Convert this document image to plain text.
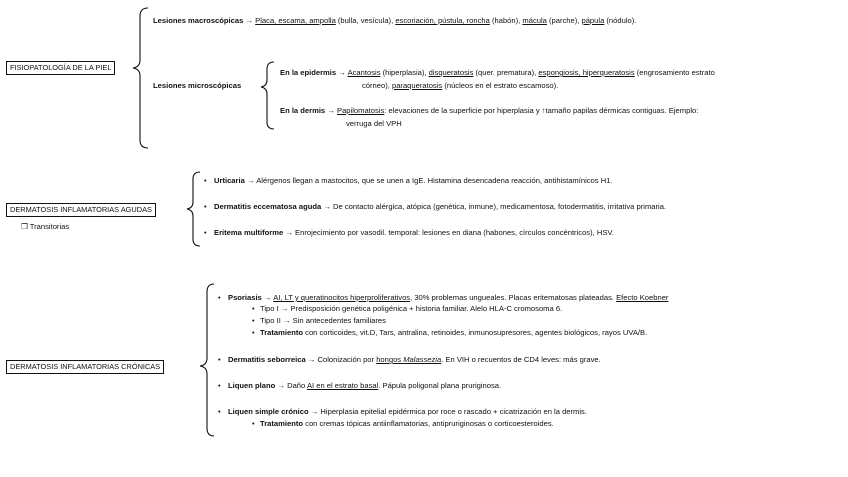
FISIOPATOLOGÍA DE LA PIEL
Lesiones macroscópicas → Placa, escama, ampolla (bulla, vesícula), escoriación, pústula, roncha (habón), mácula (parche), pápula (nódulo).
Lesiones microscópicas
En la epidermis → Acantosis (hiperplasia), disqueratosis (quer. prematura), espongiosis, hiperqueratosis (engrosamiento estrato
córneo), paraqueratosis (núcleos en el estrato escamoso).
En la dermis → Papilomatosis: elevaciones de la superficie por hiperplasia y ↑tamaño papilas dérmicas contiguas. Ejemplo:
verruga del VPH
DERMATOSIS INFLAMATORIAS AGUDAS
❒ Transitorias
• Urticaria → Alérgenos llegan a mastocitos, que se unen a IgE. Histamina desencadena reacción, antihistamínicos H1.
• Dermatitis eccematosa aguda → De contacto alérgica, atópica (genética, inmune), medicamentosa, fotodermatitis, irritativa primaria.
• Eritema multiforme → Enrojecimiento por vasodil. temporal: lesiones en diana (habones, círculos concéntricos), HSV.
DERMATOSIS INFLAMATORIAS CRÓNICAS
• Psoriasis → AI, LT y queratinocitos hiperproliferativos, 30% problemas ungueales. Placas eritematosas plateadas. Efecto Koebner
• Tipo I → Predisposición genética poligénica + historia familiar. Alelo HLA-C cromosoma 6.
• Tipo II → Sin antecedentes familiares
• Tratamiento con corticoides, vit.D, Tars, antralina, retinoides, inmunosupresores, agentes biológicos, rayos UVA/B.
• Dermatitis seborreica → Colonización por hongos Malassezia. En VIH o recuentos de CD4 leves: más grave.
• Liquen plano → Daño AI en el estrato basal. Pápula poligonal plana pruriginosa.
• Liquen simple crónico → Hiperplasia epitelial epidérmica por roce o rascado + cicatrización en la dermis.
• Tratamiento con cremas tópicas antiinflamatorias, antipruriginosas o corticoesteroides.
